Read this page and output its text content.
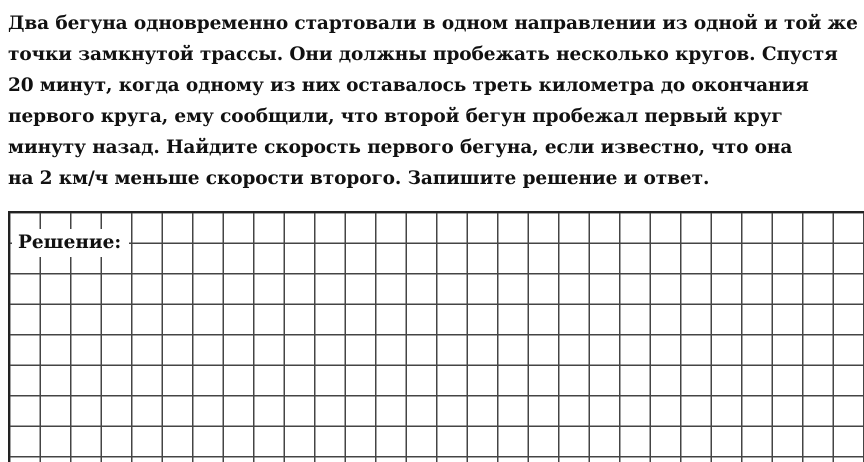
Два бегуна одновременно стартовали в одном направлении из одной и той же
точки замкнутой трассы. Они должны пробежать несколько кругов. Спустя
20 минут, когда одному из них оставалось треть километра до окончания
первого круга, ему сообщили, что второй бегун пробежал первый круг
минуту назад. Найдите скорость первого бегуна, если известно, что она
на 2 км/ч меньше скорости второго. Запишите решение и ответ.
Решение:
